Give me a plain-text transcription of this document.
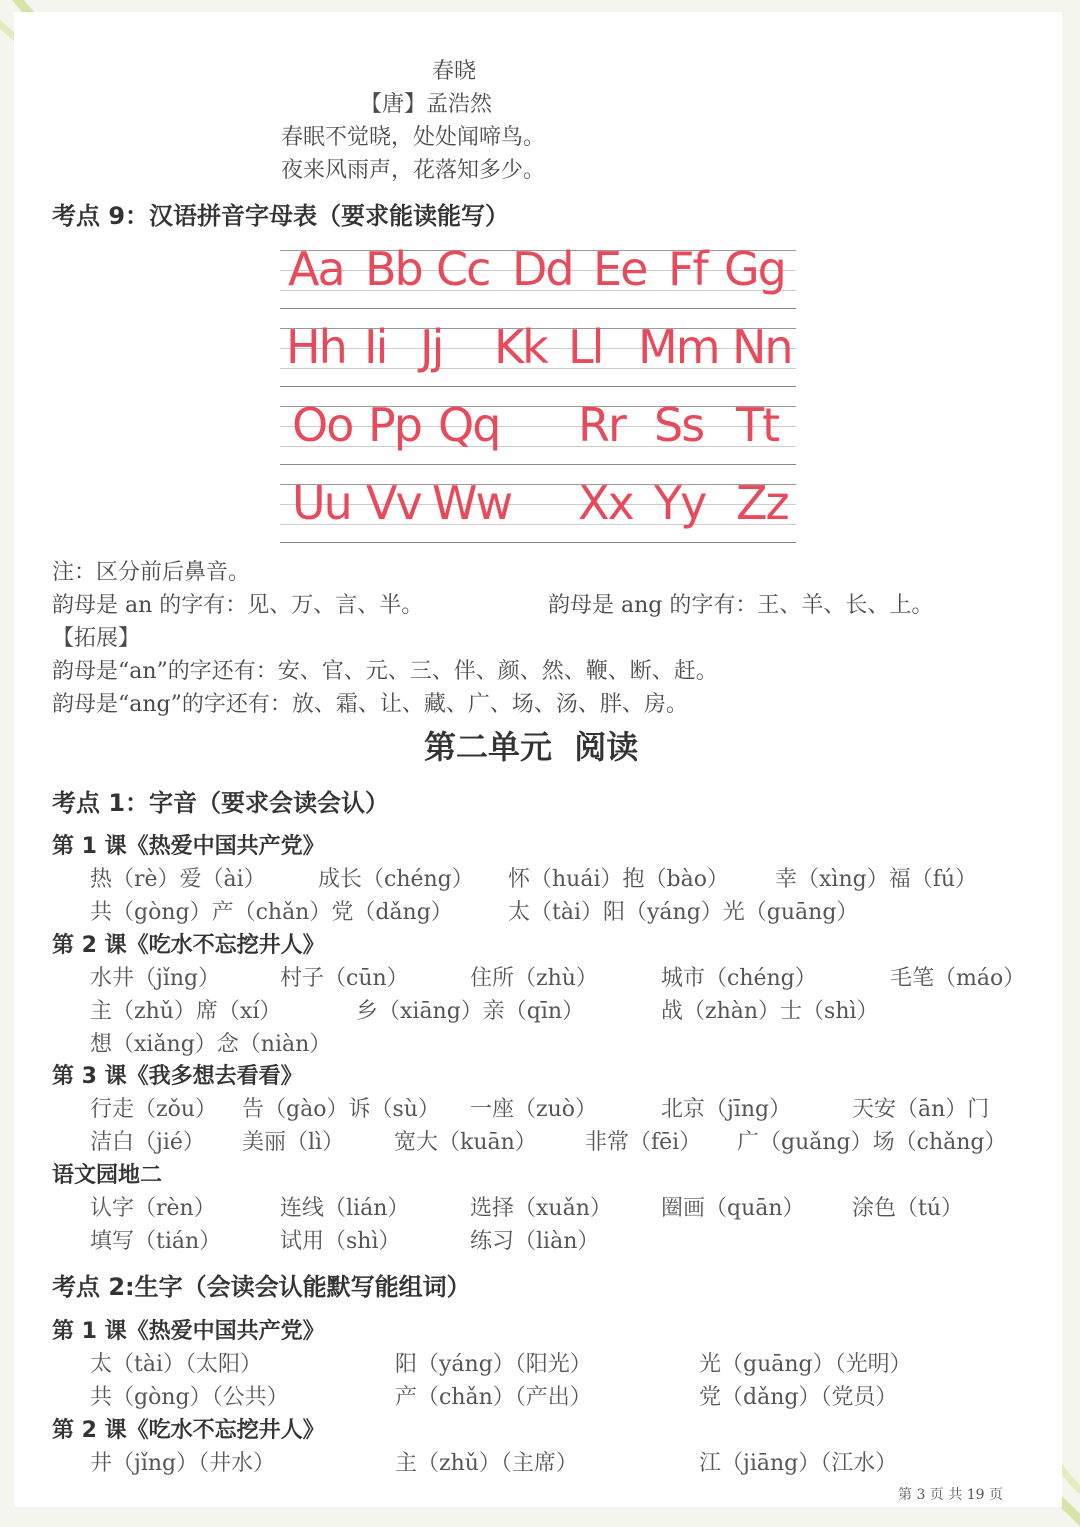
春晓
【唐】孟浩然
春眠不觉晓，处处闻啼鸟。
夜来风雨声，花落知多少。
考点 9：汉语拼音字母表（要求能读能写）
Aa Bb Cc Dd Ee Ff Gg
Hh Ii Jj Kk Ll Mm Nn
Oo Pp Qq Rr Ss Tt
Uu Vv Ww Xx Yy Zz
注：区分前后鼻音。
韵母是 an 的字有：见、万、言、半。	韵母是 ang 的字有：王、羊、长、上。
【拓展】
韵母是“an”的字还有：安、官、元、三、伴、颜、然、鞭、断、赶。
韵母是“ang”的字还有：放、霜、让、藏、广、场、汤、胖、房。
第二单元  阅读
考点 1：字音（要求会读会认）
第 1 课《热爱中国共产党》
热（rè）爱（ài） 成长（chéng） 怀（huái）抱（bào） 幸（xìng）福（fú）
共（gòng）产（chǎn）党（dǎng）	太（tài）阳（yáng）光（guāng）
第 2 课《吃水不忘挖井人》
水井（jǐng）	村子（cūn）	住所（zhù）	城市（chéng）	毛笔（máo）
主（zhǔ）席（xí）	乡（xiāng）亲（qīn）	战（zhàn）士（shì）
想（xiǎng）念（niàn）
第 3 课《我多想去看看》
行走（zǒu） 告（gào）诉（sù） 一座（zuò）	北京（jīng）	天安（ān）门
洁白（jié） 美丽（lì） 宽大（kuān） 非常（fēi） 广（guǎng）场（chǎng）
语文园地二
认字（rèn）	连线（lián）	选择（xuǎn） 圈画（quān） 涂色（tú）
填写（tián）	试用（shì）	练习（liàn）
考点 2:生字（会读会认能默写能组词）
第 1 课《热爱中国共产党》
太（tài）（太阳）	阳（yáng）（阳光）	光（guāng）（光明）
共（gòng）（公共）	产（chǎn）（产出）	党（dǎng）（党员）
第 2 课《吃水不忘挖井人》
井（jǐng）（井水）	主（zhǔ）（主席）	江（jiāng）（江水）
第 3 页 共 19 页
